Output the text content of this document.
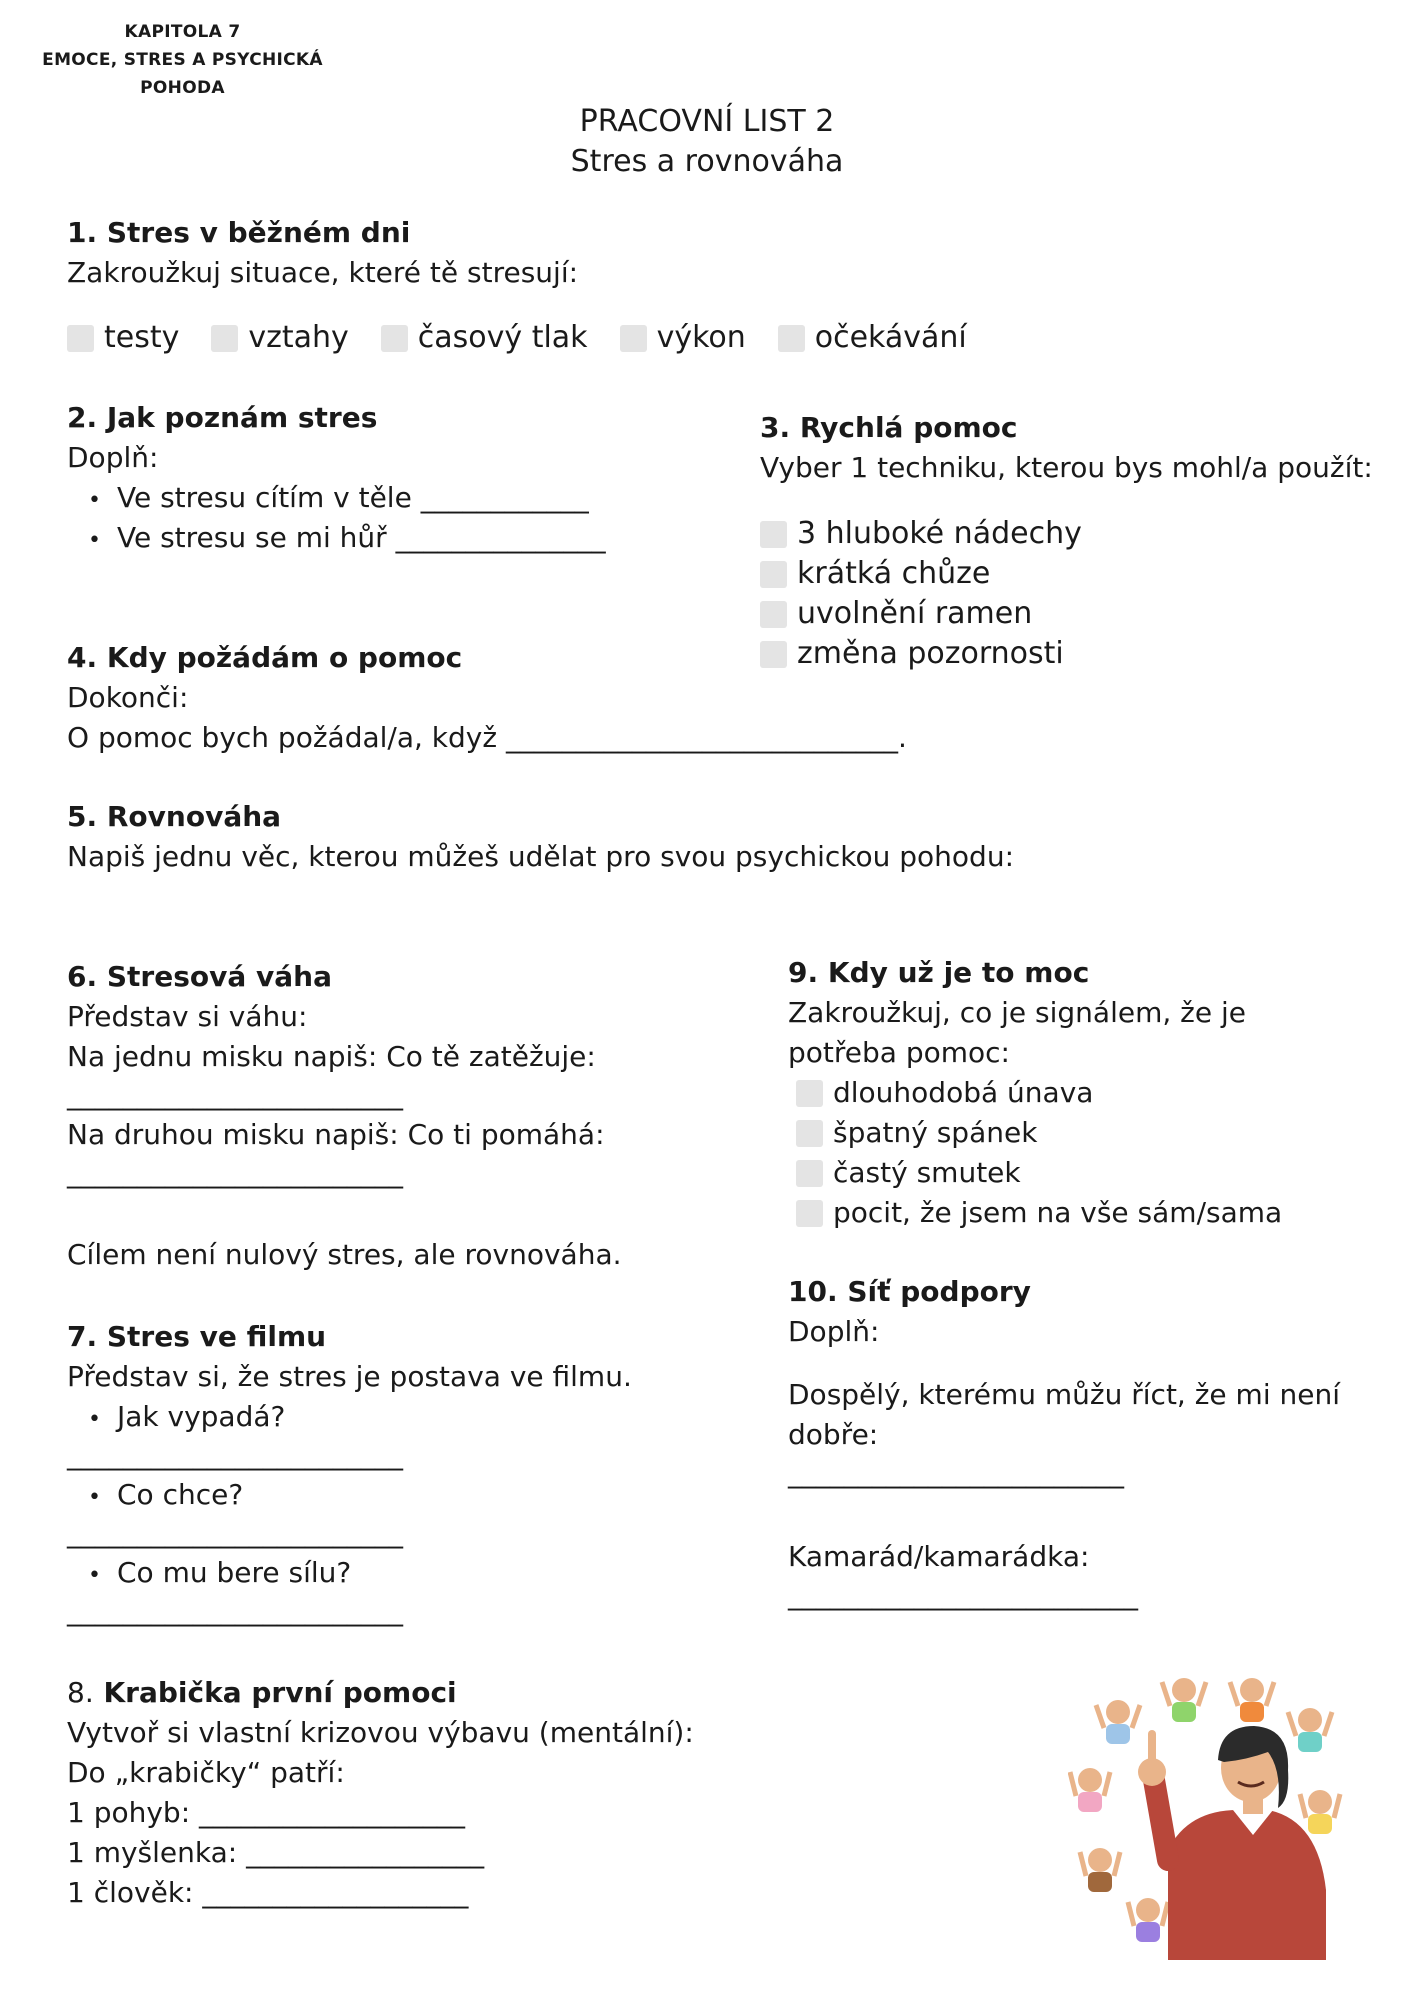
KAPITOLA 7
EMOCE, STRES A PSYCHICKÁ POHODA
PRACOVNÍ LIST 2
Stres a rovnováha
1. Stres v běžném dni
Zakroužkuj situace, které tě stresují:
testy vztahy časový tlak výkon očekávání
2. Jak poznám stres
Doplň:
• Ve stresu cítím v těle ____________
• Ve stresu se mi hůř _______________
3. Rychlá pomoc
Vyber 1 techniku, kterou bys mohl/a použít:
3 hluboké nádechy
krátká chůze
uvolnění ramen
změna pozornosti
4. Kdy požádám o pomoc
Dokonči:
O pomoc bych požádal/a, když ____________________________.
5. Rovnováha
Napiš jednu věc, kterou můžeš udělat pro svou psychickou pohodu:
6. Stresová váha
Představ si váhu:
Na jednu misku napiš: Co tě zatěžuje:
________________________
Na druhou misku napiš: Co ti pomáhá:
________________________
Cílem není nulový stres, ale rovnováha.
7. Stres ve filmu
Představ si, že stres je postava ve filmu.
• Jak vypadá?
________________________
• Co chce?
________________________
• Co mu bere sílu?
________________________
8. Krabička první pomoci
Vytvoř si vlastní krizovou výbavu (mentální):
Do „krabičky“ patří:
1 pohyb: ___________________
1 myšlenka: _________________
1 člověk: ___________________
9. Kdy už je to moc
Zakroužkuj, co je signálem, že je
potřeba pomoc:
dlouhodobá únava
špatný spánek
častý smutek
pocit, že jsem na vše sám/sama
10. Síť podpory
Doplň:
Dospělý, kterému můžu říct, že mi není
dobře:
________________________
Kamarád/kamarádka:
_________________________
